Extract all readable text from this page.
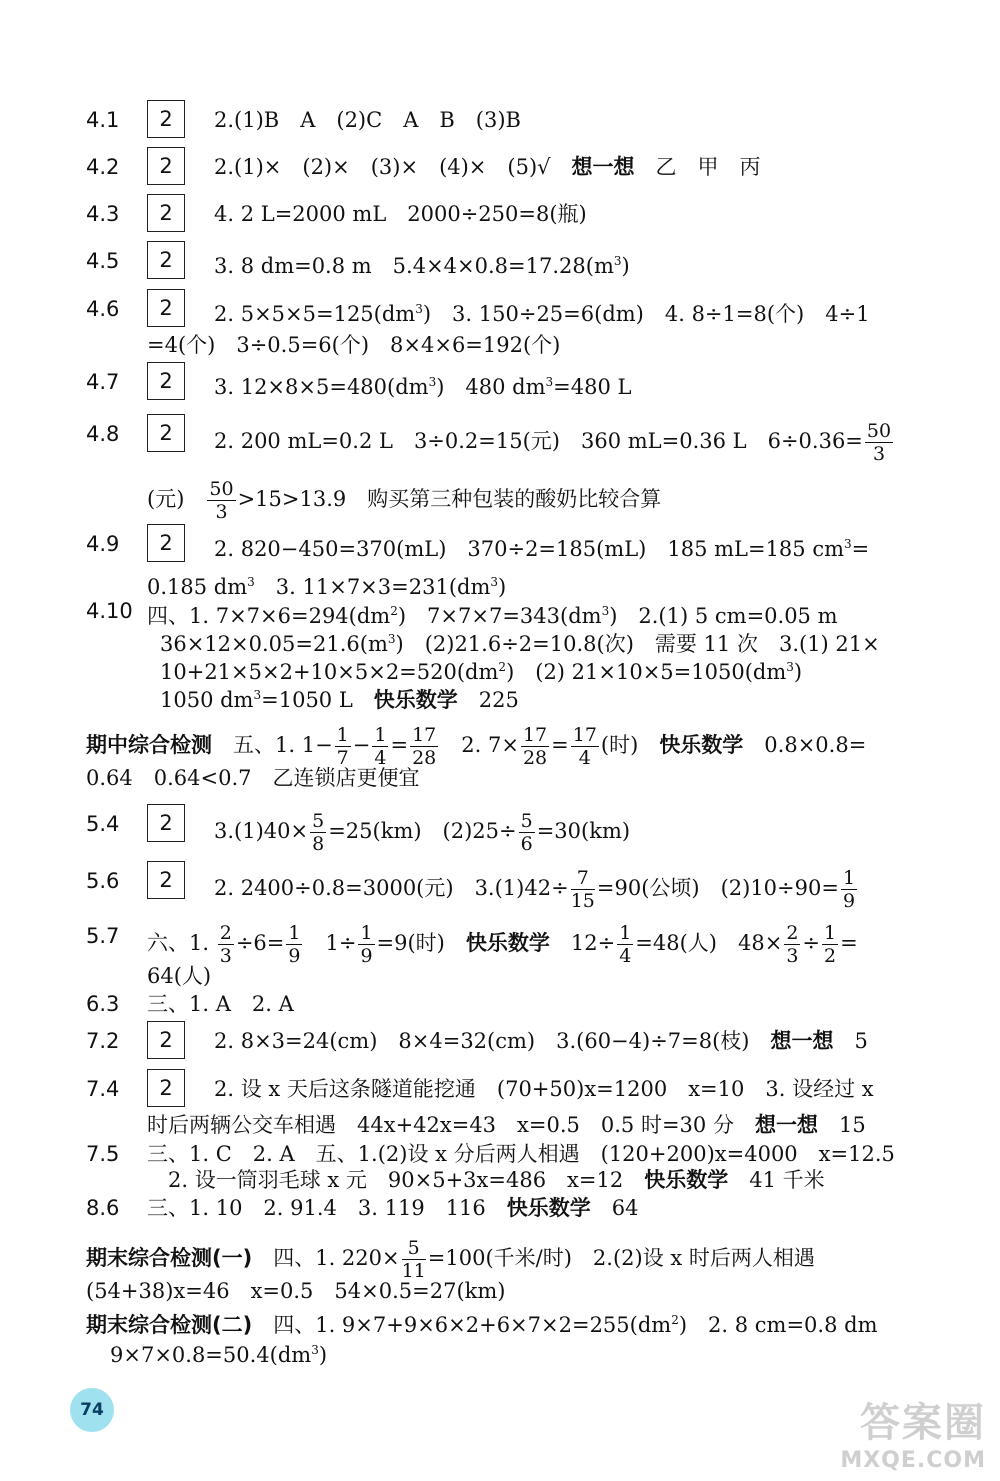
4.1	2	2.(1)B　A　(2)C　A　B　(3)B
4.2	2	2.(1)×　(2)×　(3)×　(4)×　(5)√　想一想　乙　甲　丙
4.3	2	4. 2 L=2000 mL　2000÷250=8(瓶)
4.5	2	3. 8 dm=0.8 m　$5.4\times 4\times 0.8=17.28(m^3)$
4.6	2	2. $5\times 5\times 5=125(dm^3)$　3. 150÷25=6(dm)　4. 8÷1=8(个)　4÷1
=4(个)　3÷0.5=6(个)　8×4×6=192(个)
4.7	2	3. $12\times 8\times 5=480(dm^3)$　480 $dm^3=480$ L
4.8	2	2. 200 mL=0.2 L　3÷0.2=15(元)　360 mL=0.36 L　$6\div 0.36= \frac{50}{3}$
(元)　 $\frac{50}{3} >15>13.9$　购买第三种包装的酸奶比较合算
4.9	2	2. 820−450=370(mL)　370÷2=185(mL)　185 mL=185 $cm^3=$
0.185 $dm^3$　3. $11\times 7\times 3=231(dm^3)$
4.10 四、1. $7\times 7\times 6=294(dm^2)$　$7\times 7\times 7=343(dm^3)$　2.(1) 5 cm=0.05 m
$36\times 12\times 0.05=21.6(m^3)$　(2)21.6÷2=10.8(次)　需要 11 次　3.(1) 21×
$10+21\times 5\times 2+10\times 5\times 2=520(dm^2)$　(2) $21\times 10\times 5=1050(dm^3)$
1050 $dm^3=1050$ L　快乐数学　225
期中综合检测　五、1. $1- \frac{1}{7} - \frac{1}{4} = \frac{17}{28}$ 　2. $7\times \frac{17}{28} = \frac{17}{4}$ (时)　快乐数学　0.8×0.8=
0.64　0.64<0.7　乙连锁店更便宜
5.4	2	$3.(1)40\times \frac{5}{8} =25(km)$　$(2)25\div \frac{5}{6} =30(km)$
5.6	2	2. 2400÷0.8=3000(元)　$3.(1)42\div \frac{7}{15} =90$(公顷)　$(2)10\div 90= \frac{1}{9}$
5.7 六、1. $\frac{2}{3} \div 6= \frac{1}{9}$ 　$1\div \frac{1}{9} =9$(时)　快乐数学　$12\div \frac{1}{4} =48$(人)　$48\times \frac{2}{3} \div \frac{1}{2}$ =
64(人)
6.3 三、1. A　2. A
7.2	2	2. 8×3=24(cm)　8×4=32(cm)　3.(60−4)÷7=8(枝)　想一想　5
7.4	2	2. 设 x 天后这条隧道能挖通　(70+50)x=1200　x=10　3. 设经过 x
时后两辆公交车相遇　44x+42x=43　x=0.5　0.5 时=30 分　想一想　15
7.5 三、1. C　2. A　五、1.(2)设 x 分后两人相遇　(120+200)x=4000　x=12.5
2. 设一筒羽毛球 x 元　90×5+3x=486　x=12　快乐数学　41 千米
8.6 三、1. 10　2. 91.4　3. 119　116　快乐数学　64
期末综合检测(一)　四、1. $220\times \frac{5}{11} =100$(千米/时)　2.(2)设 x 时后两人相遇
(54+38)x=46　x=0.5　54×0.5=27(km)
期末综合检测(二)　四、1. $9\times 7+9\times 6\times 2+6\times 7\times 2=255(dm^2)$　2. 8 cm=0.8 dm
$9\times 7\times 0.8=50.4(dm^3)$
74	答案圈
MXQE.COM
